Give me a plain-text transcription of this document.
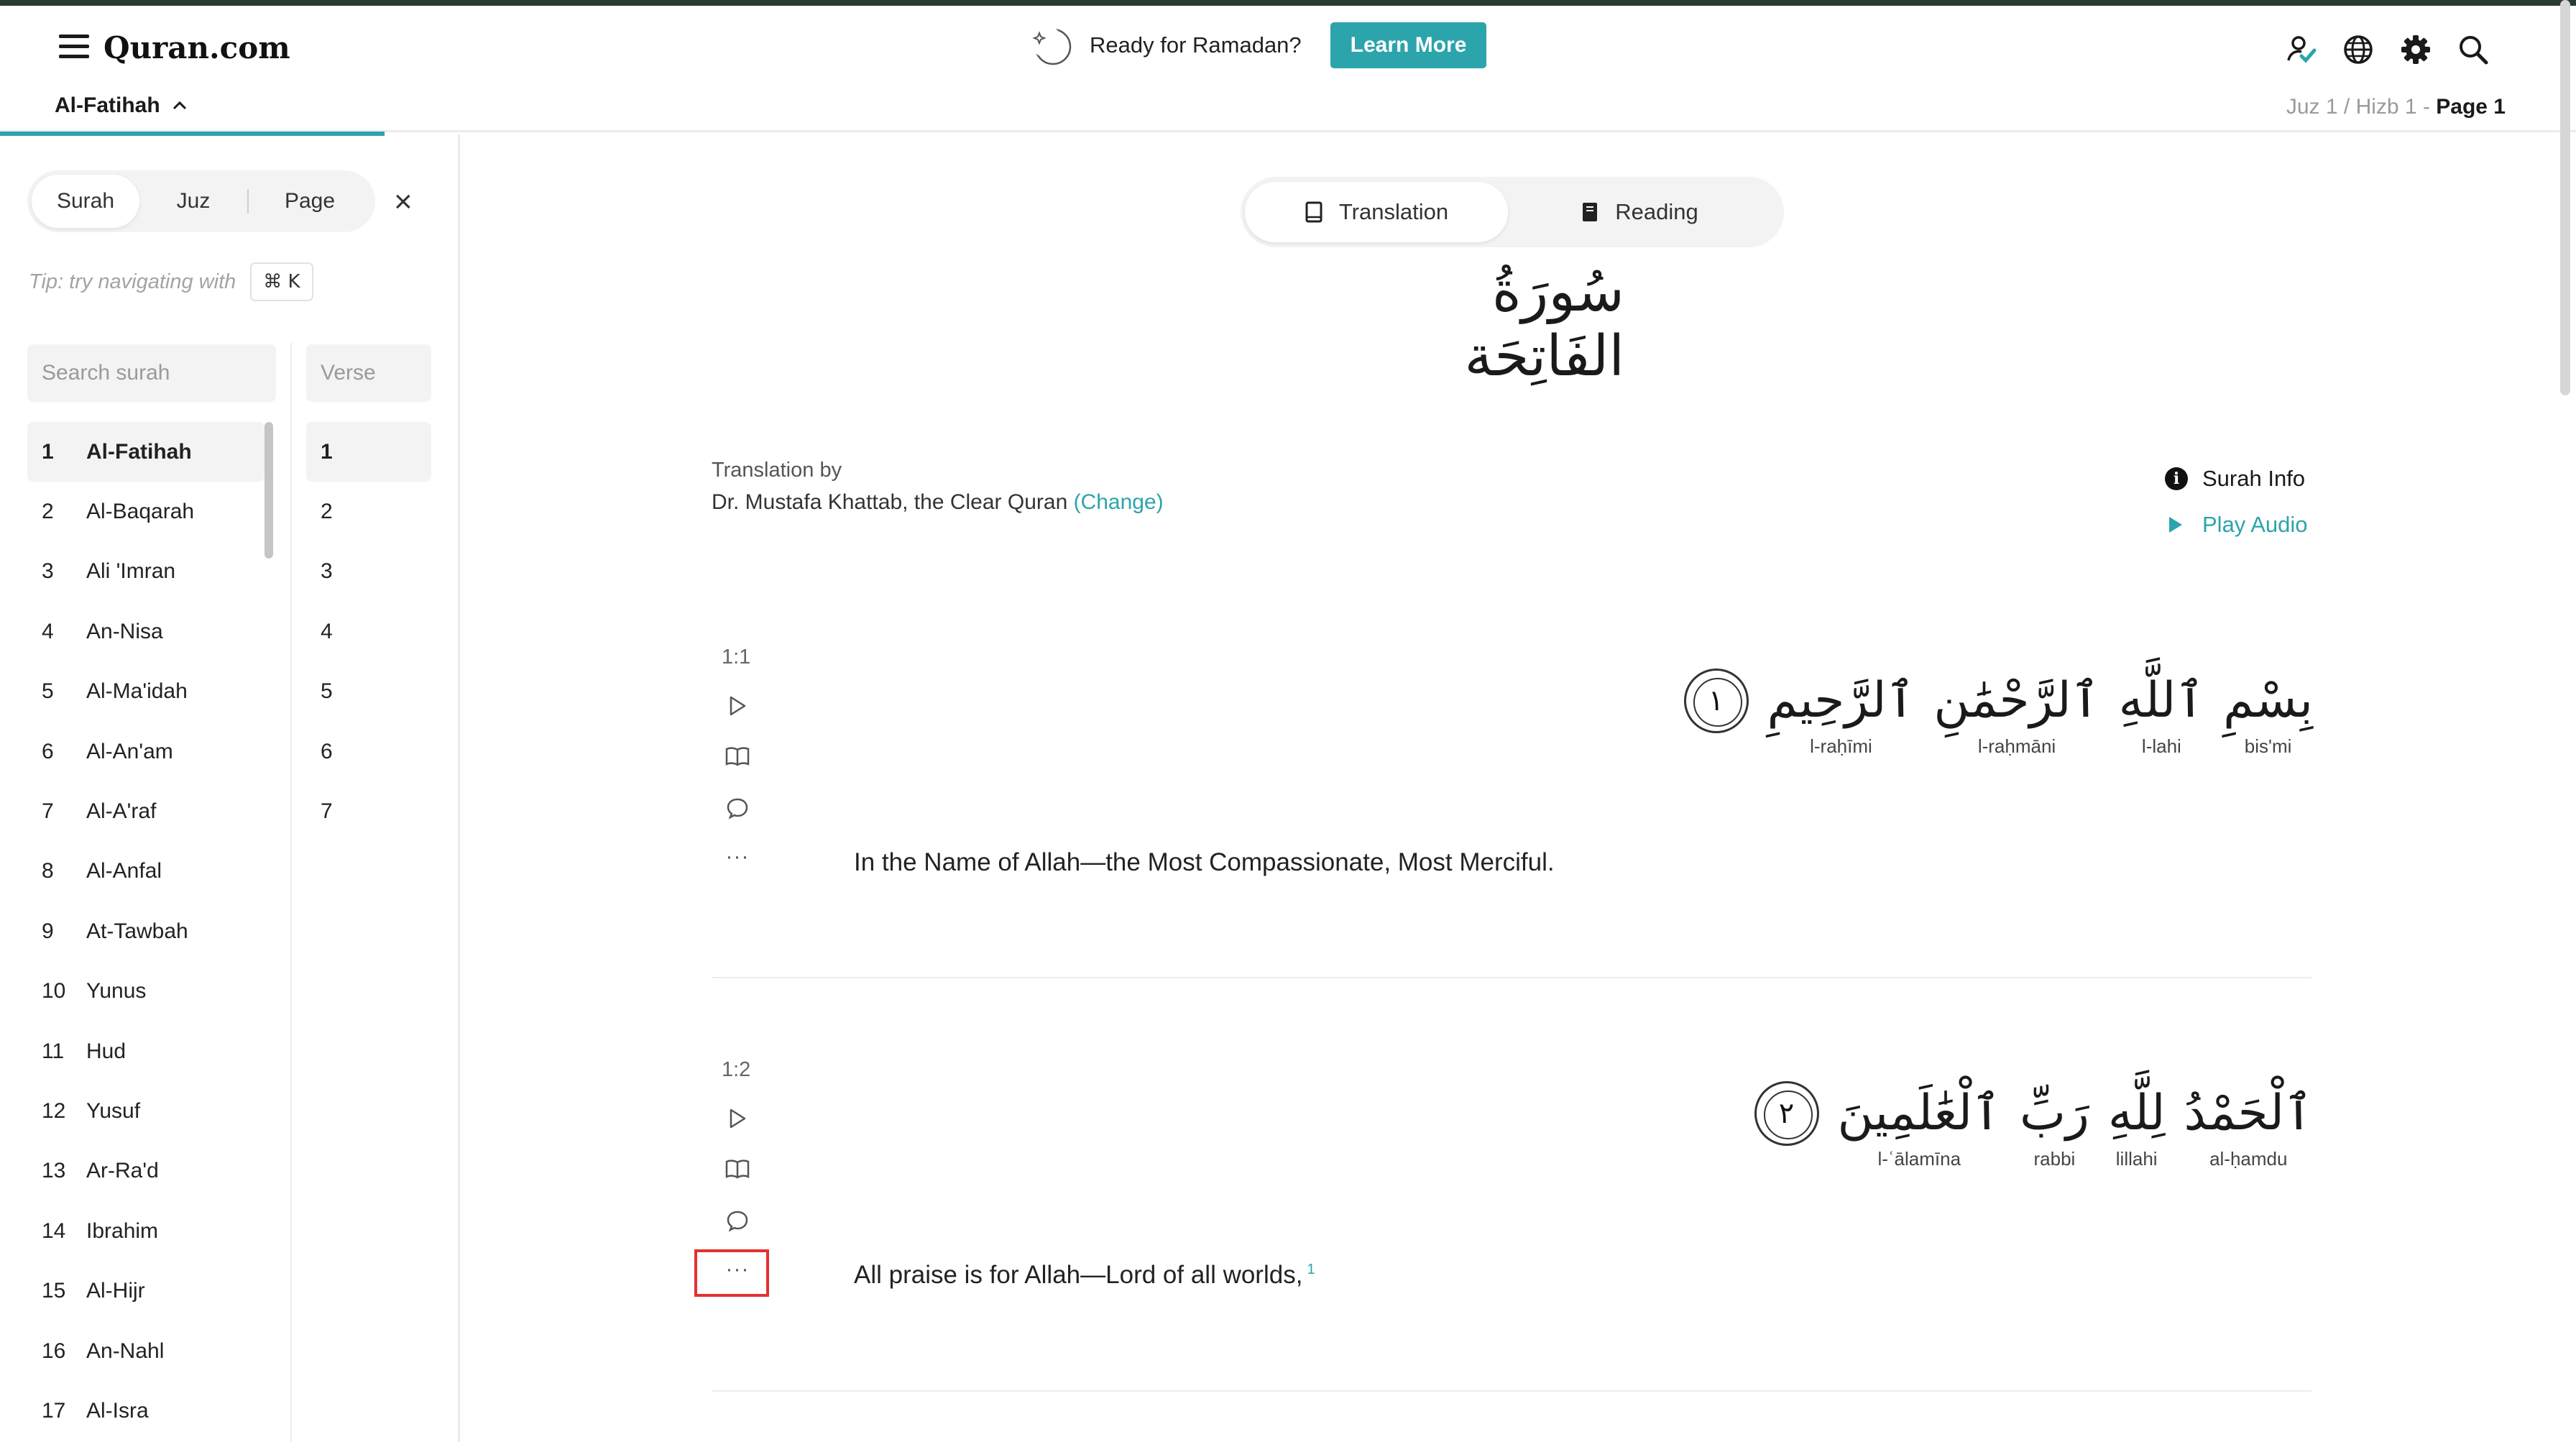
Quran.com	Ready for Ramadan?	Learn More
Al-Fatihah	Juz 1 / Hizb 1 - Page 1
Surah	Juz	Page	×
Tip: try navigating with	⌘ K
Search surah
Verse
1	Al-Fatihah
2	Al-Baqarah
3	Ali 'Imran
4	An-Nisa
5	Al-Ma'idah
6	Al-An'am
7	Al-A'raf
8	Al-Anfal
9	At-Tawbah
10 Yunus
11	Hud
12 Yusuf
13 Ar-Ra'd
14 Ibrahim
15 Al-Hijr
16 An-Nahl
17 Al-Isra
1
2
3
4
5
6
7
Translation	Reading
سُورَةُ الفَاتِحَة
Translation by
Dr. Mustafa Khattab, the Clear Quran (Change)
i	Surah Info
Play Audio
1:1
···
بِسْمِ
bis'mi
ٱللَّهِ
l-lahi
ٱلرَّحْمَٰنِ
l-raḥmāni
ٱلرَّحِيمِ
l-raḥīmi
١
In the Name of Allah—the Most Compassionate, Most Merciful.
1:2
···
ٱلْحَمْدُ
al-ḥamdu
لِلَّهِ
lillahi
رَبِّ
rabbi
ٱلْعَٰلَمِينَ
l-ʿālamīna
٢
All praise is for Allah—Lord of all worlds, $^1$
